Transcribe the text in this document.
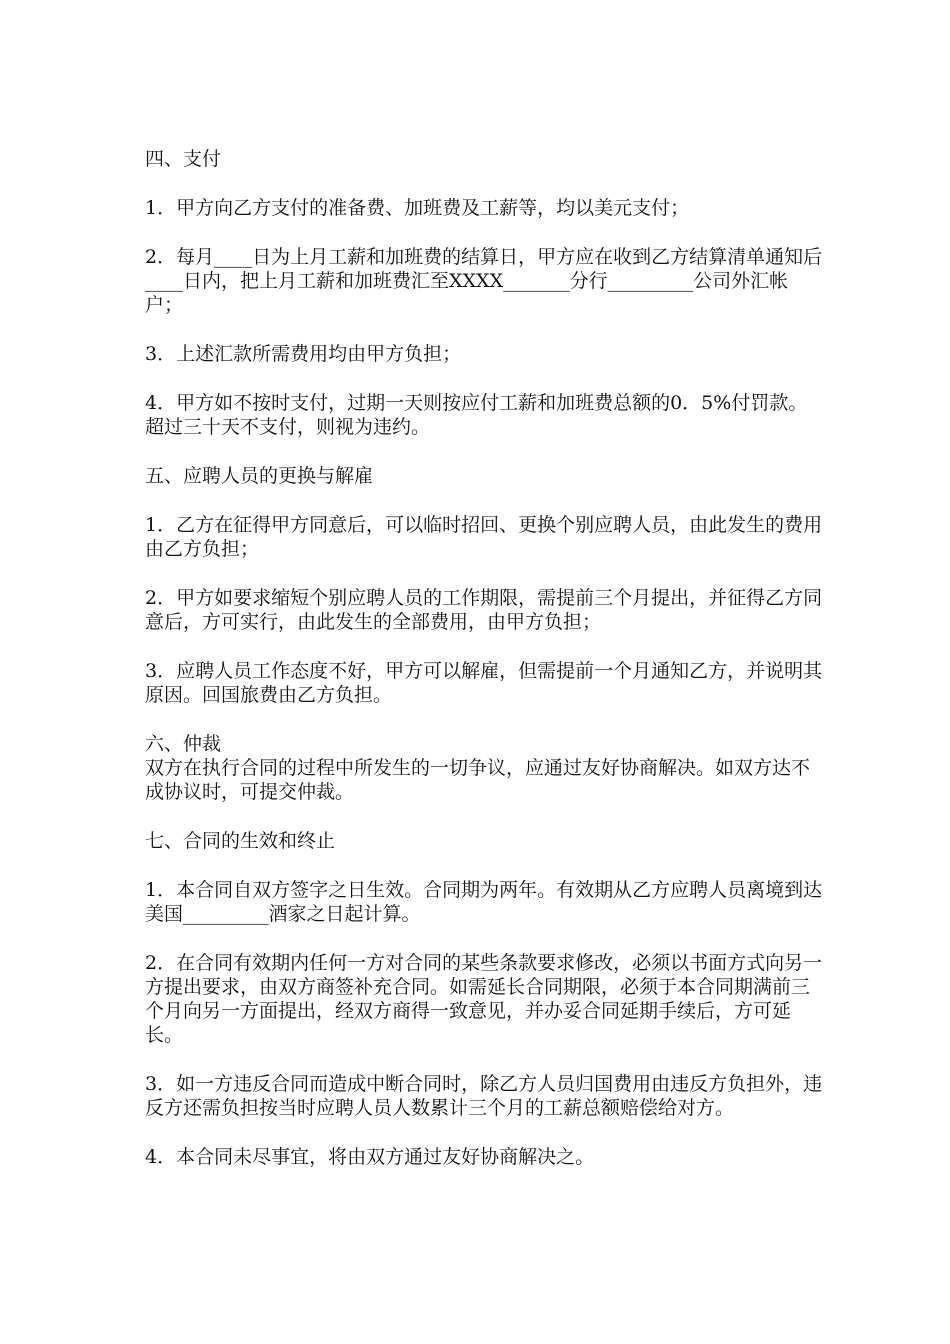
四、支付

1．甲方向乙方支付的准备费、加班费及工薪等，均以美元支付；

2．每月____日为上月工薪和加班费的结算日，甲方应在收到乙方结算清单通知后____日内，把上月工薪和加班费汇至XXXX_______分行_________公司外汇帐户；

3．上述汇款所需费用均由甲方负担；

4．甲方如不按时支付，过期一天则按应付工薪和加班费总额的0．5%付罚款。超过三十天不支付，则视为违约。

五、应聘人员的更换与解雇

1．乙方在征得甲方同意后，可以临时招回、更换个别应聘人员，由此发生的费用由乙方负担；

2．甲方如要求缩短个别应聘人员的工作期限，需提前三个月提出，并征得乙方同意后，方可实行，由此发生的全部费用，由甲方负担；

3．应聘人员工作态度不好，甲方可以解雇，但需提前一个月通知乙方，并说明其原因。回国旅费由乙方负担。

六、仲裁

双方在执行合同的过程中所发生的一切争议，应通过友好协商解决。如双方达不成协议时，可提交仲裁。

七、合同的生效和终止

1．本合同自双方签字之日生效。合同期为两年。有效期从乙方应聘人员离境到达美国_________酒家之日起计算。

2．在合同有效期内任何一方对合同的某些条款要求修改，必须以书面方式向另一方提出要求，由双方商签补充合同。如需延长合同期限，必须于本合同期满前三个月向另一方面提出，经双方商得一致意见，并办妥合同延期手续后，方可延长。

3．如一方违反合同而造成中断合同时，除乙方人员归国费用由违反方负担外，违反方还需负担按当时应聘人员人数累计三个月的工薪总额赔偿给对方。

4．本合同未尽事宜，将由双方通过友好协商解决之。
